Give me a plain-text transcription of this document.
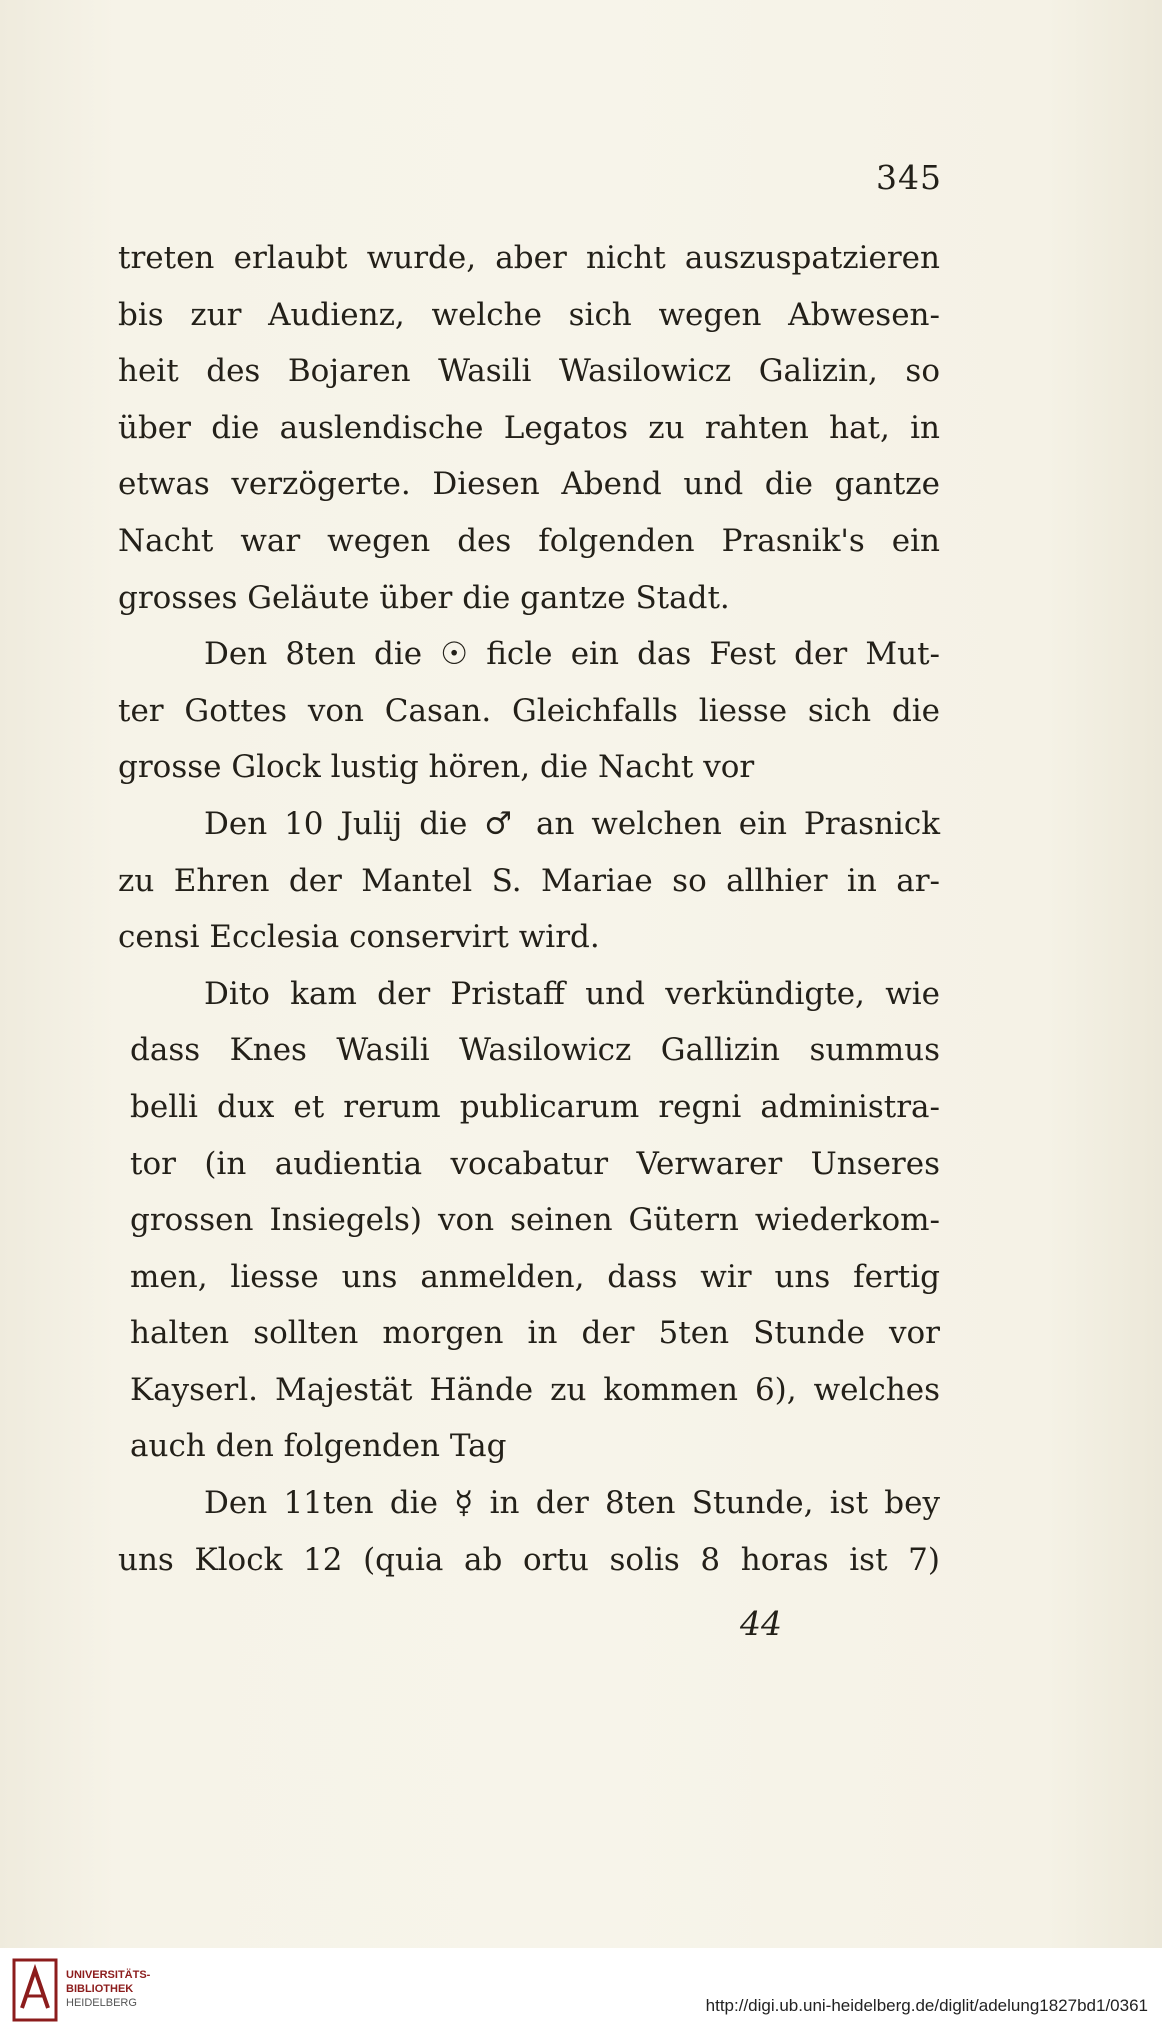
345
treten erlaubt wurde, aber nicht auszuspatzieren
bis zur Audienz, welche sich wegen Abwesen-
heit des Bojaren Wasili Wasilowicz Galizin, so
über die auslendische Legatos zu rahten hat, in
etwas verzögerte. Diesen Abend und die gantze
Nacht war wegen des folgenden Prasnik's ein
grosses Geläute über die gantze Stadt.
Den 8ten die ☉ ficle ein das Fest der Mut-
ter Gottes von Casan. Gleichfalls liesse sich die
grosse Glock lustig hören, die Nacht vor
Den 10 Julij die ♂ an welchen ein Prasnick
zu Ehren der Mantel S. Mariae so allhier in ar-
censi Ecclesia conservirt wird.
Dito kam der Pristaff und verkündigte, wie
dass Knes Wasili Wasilowicz Gallizin summus
belli dux et rerum publicarum regni administra-
tor (in audientia vocabatur Verwarer Unseres
grossen Insiegels) von seinen Gütern wiederkom-
men, liesse uns anmelden, dass wir uns fertig
halten sollten morgen in der 5ten Stunde vor
Kayserl. Majestät Hände zu kommen 6), welches
auch den folgenden Tag
Den 11ten die ☿ in der 8ten Stunde, ist bey
uns Klock 12 (quia ab ortu solis 8 horas ist 7)
44
UNIVERSITÄTS-
BIBLIOTHEK
HEIDELBERG	http://digi.ub.uni-heidelberg.de/diglit/adelung1827bd1/0361
